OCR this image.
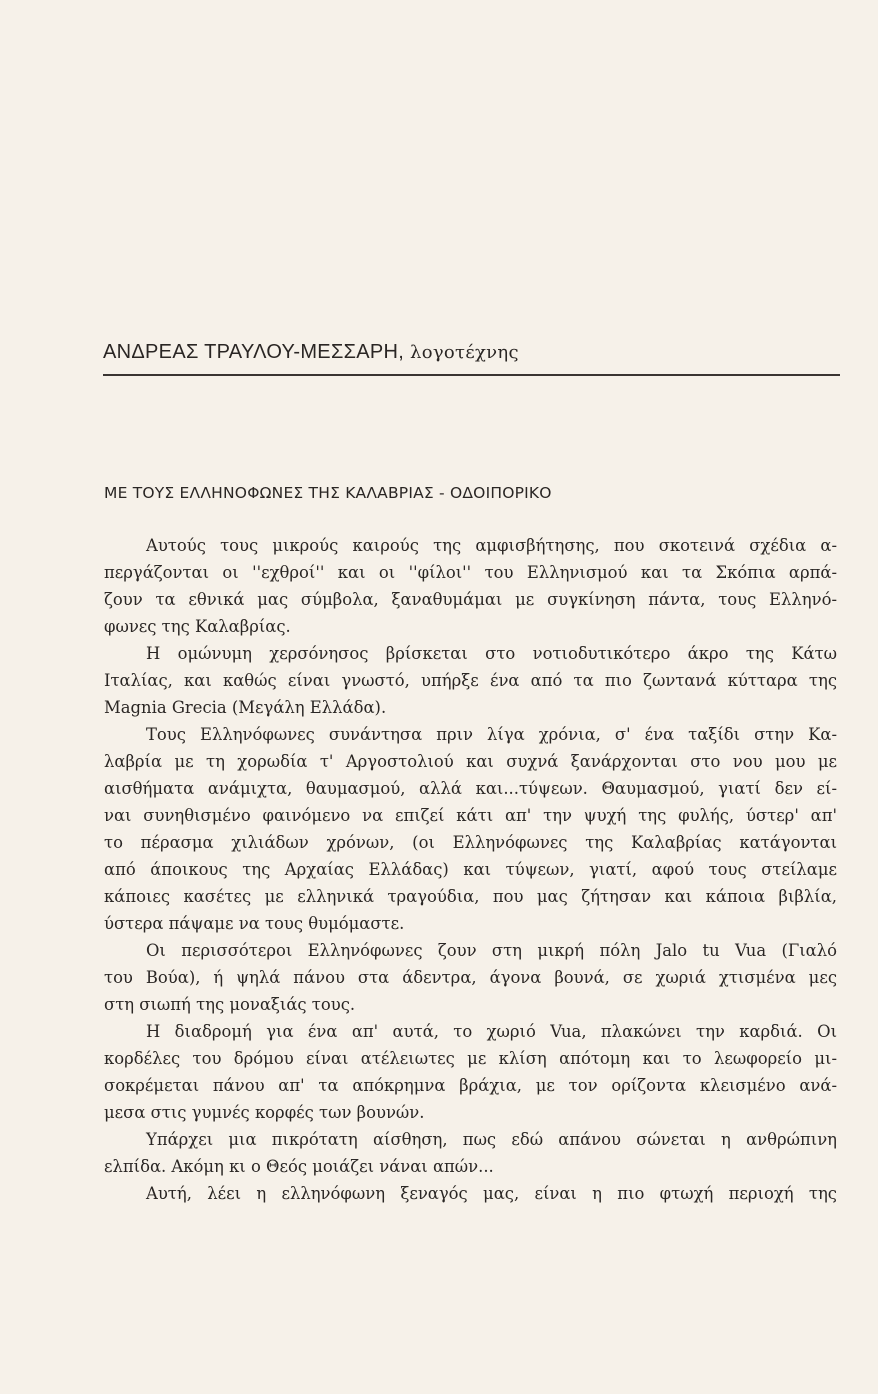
ΑΝΔΡΕΑΣ ΤΡΑΥΛΟΥ-ΜΕΣΣΑΡΗ, λογοτέχνης
ΜΕ ΤΟΥΣ ΕΛΛΗΝΟΦΩΝΕΣ ΤΗΣ ΚΑΛΑΒΡΙΑΣ - ΟΔΟΙΠΟΡΙΚΟ
Αυτούς τους μικρούς καιρούς της αμφισβήτησης, που σκοτεινά σχέδια α-
περγάζονται οι ''εχθροί'' και οι ''φίλοι'' του Ελληνισμού και τα Σκόπια αρπά-
ζουν τα εθνικά μας σύμβολα, ξαναθυμάμαι με συγκίνηση πάντα, τους Ελληνό-
φωνες της Καλαβρίας.
Η ομώνυμη χερσόνησος βρίσκεται στο νοτιοδυτικότερο άκρο της Κάτω
Ιταλίας, και καθώς είναι γνωστό, υπήρξε ένα από τα πιο ζωντανά κύτταρα της
Magnia Grecia (Μεγάλη Ελλάδα).
Τους Ελληνόφωνες συνάντησα πριν λίγα χρόνια, σ' ένα ταξίδι στην Κα-
λαβρία με τη χορωδία τ' Αργοστολιού και συχνά ξανάρχονται στο νου μου με
αισθήματα ανάμιχτα, θαυμασμού, αλλά και...τύψεων. Θαυμασμού, γιατί δεν εί-
ναι συνηθισμένο φαινόμενο να επιζεί κάτι απ' την ψυχή της φυλής, ύστερ' απ'
το πέρασμα χιλιάδων χρόνων, (οι Ελληνόφωνες της Καλαβρίας κατάγονται
από άποικους της Αρχαίας Ελλάδας) και τύψεων, γιατί, αφού τους στείλαμε
κάποιες κασέτες με ελληνικά τραγούδια, που μας ζήτησαν και κάποια βιβλία,
ύστερα πάψαμε να τους θυμόμαστε.
Οι περισσότεροι Ελληνόφωνες ζουν στη μικρή πόλη Jalo tu Vua (Γιαλό
του Βούα), ή ψηλά πάνου στα άδεντρα, άγονα βουνά, σε χωριά χτισμένα μες
στη σιωπή της μοναξιάς τους.
Η διαδρομή για ένα απ' αυτά, το χωριό Vua, πλακώνει την καρδιά. Οι
κορδέλες του δρόμου είναι ατέλειωτες με κλίση απότομη και το λεωφορείο μι-
σοκρέμεται πάνου απ' τα απόκρημνα βράχια, με τον ορίζοντα κλεισμένο ανά-
μεσα στις γυμνές κορφές των βουνών.
Υπάρχει μια πικρότατη αίσθηση, πως εδώ απάνου σώνεται η ανθρώπινη
ελπίδα. Ακόμη κι ο Θεός μοιάζει νάναι απών...
Αυτή, λέει η ελληνόφωνη ξεναγός μας, είναι η πιο φτωχή περιοχή της
